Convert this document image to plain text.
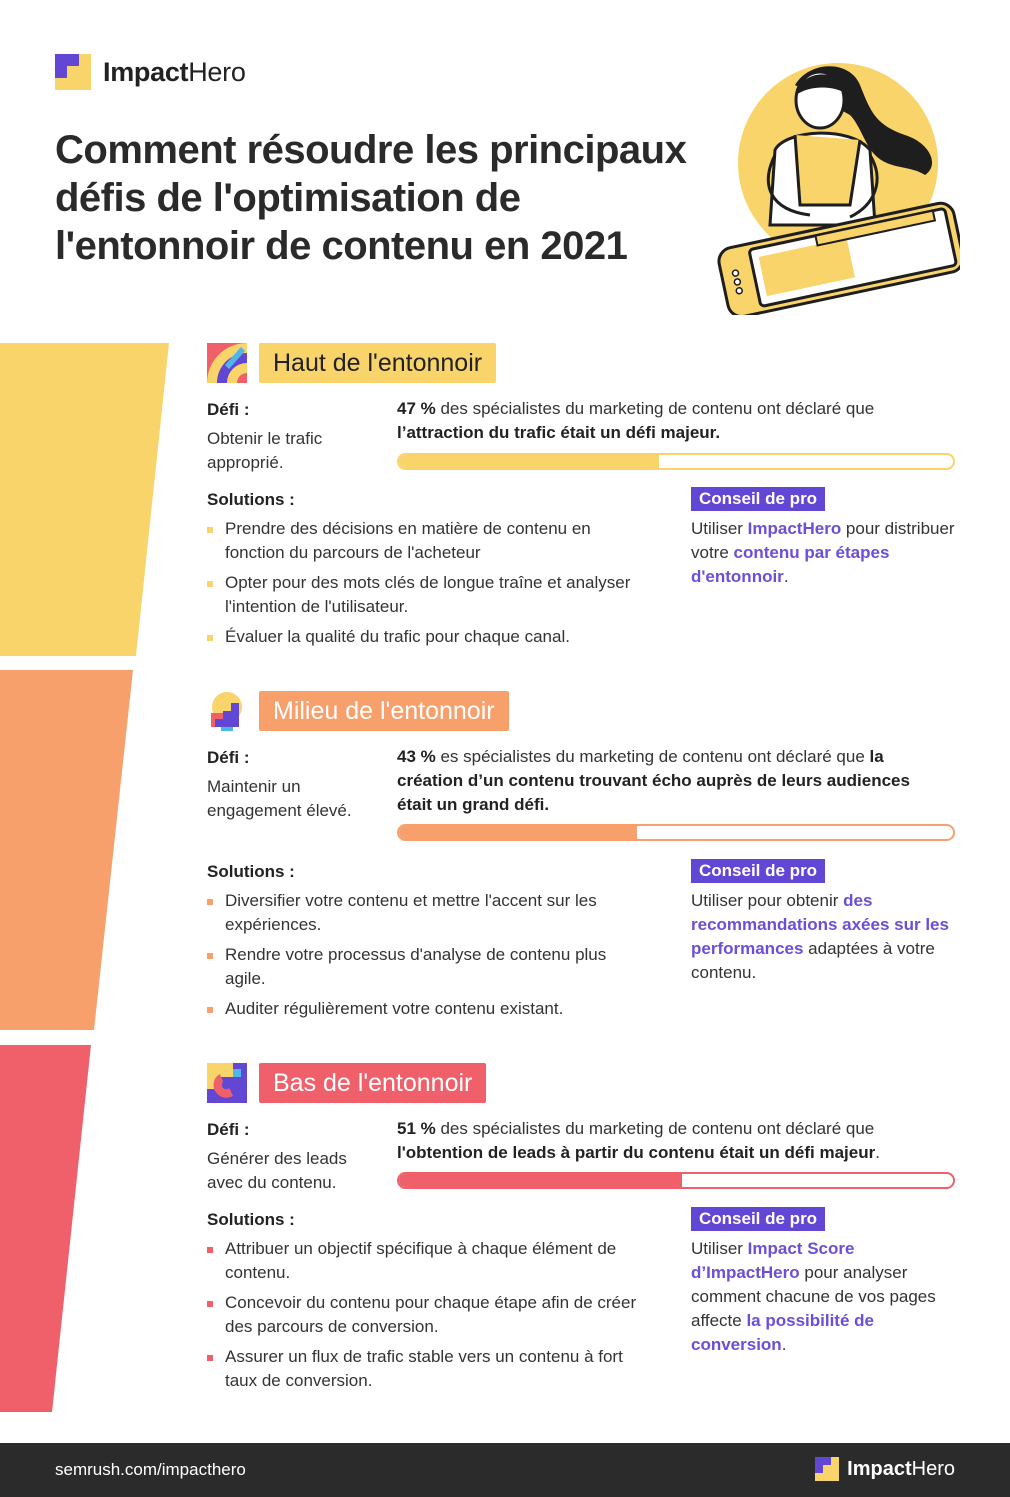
ImpactHero
Comment résoudre les principaux
défis de l'optimisation de
l'entonnoir de contenu en 2021
Haut de l'entonnoir
Défi :
Obtenir le trafic approprié.
47 % des spécialistes du marketing de contenu ont déclaré que l’attraction du trafic était un défi majeur.
Solutions :
Prendre des décisions en matière de contenu en fonction du parcours de l'acheteur
Opter pour des mots clés de longue traîne et analyser l'intention de l'utilisateur.
Évaluer la qualité du trafic pour chaque canal.
Conseil de pro
Utiliser ImpactHero pour distribuer votre contenu par étapes d'entonnoir.
Milieu de l'entonnoir
Défi :
Maintenir un engagement élevé.
43 % es spécialistes du marketing de contenu ont déclaré que la création d’un contenu trouvant écho auprès de leurs audiences était un grand défi.
Solutions :
Diversifier votre contenu et mettre l'accent sur les expériences.
Rendre votre processus d'analyse de contenu plus agile.
Auditer régulièrement votre contenu existant.
Conseil de pro
Utiliser pour obtenir des recommandations axées sur les performances adaptées à votre contenu.
Bas de l'entonnoir
Défi :
Générer des leads avec du contenu.
51 % des spécialistes du marketing de contenu ont déclaré que l'obtention de leads à partir du contenu était un défi majeur.
Solutions :
Attribuer un objectif spécifique à chaque élément de contenu.
Concevoir du contenu pour chaque étape afin de créer des parcours de conversion.
Assurer un flux de trafic stable vers un contenu à fort taux de conversion.
Conseil de pro
Utiliser Impact Score d’ImpactHero pour analyser comment chacune de vos pages affecte la possibilité de conversion.
semrush.com/impacthero	ImpactHero
